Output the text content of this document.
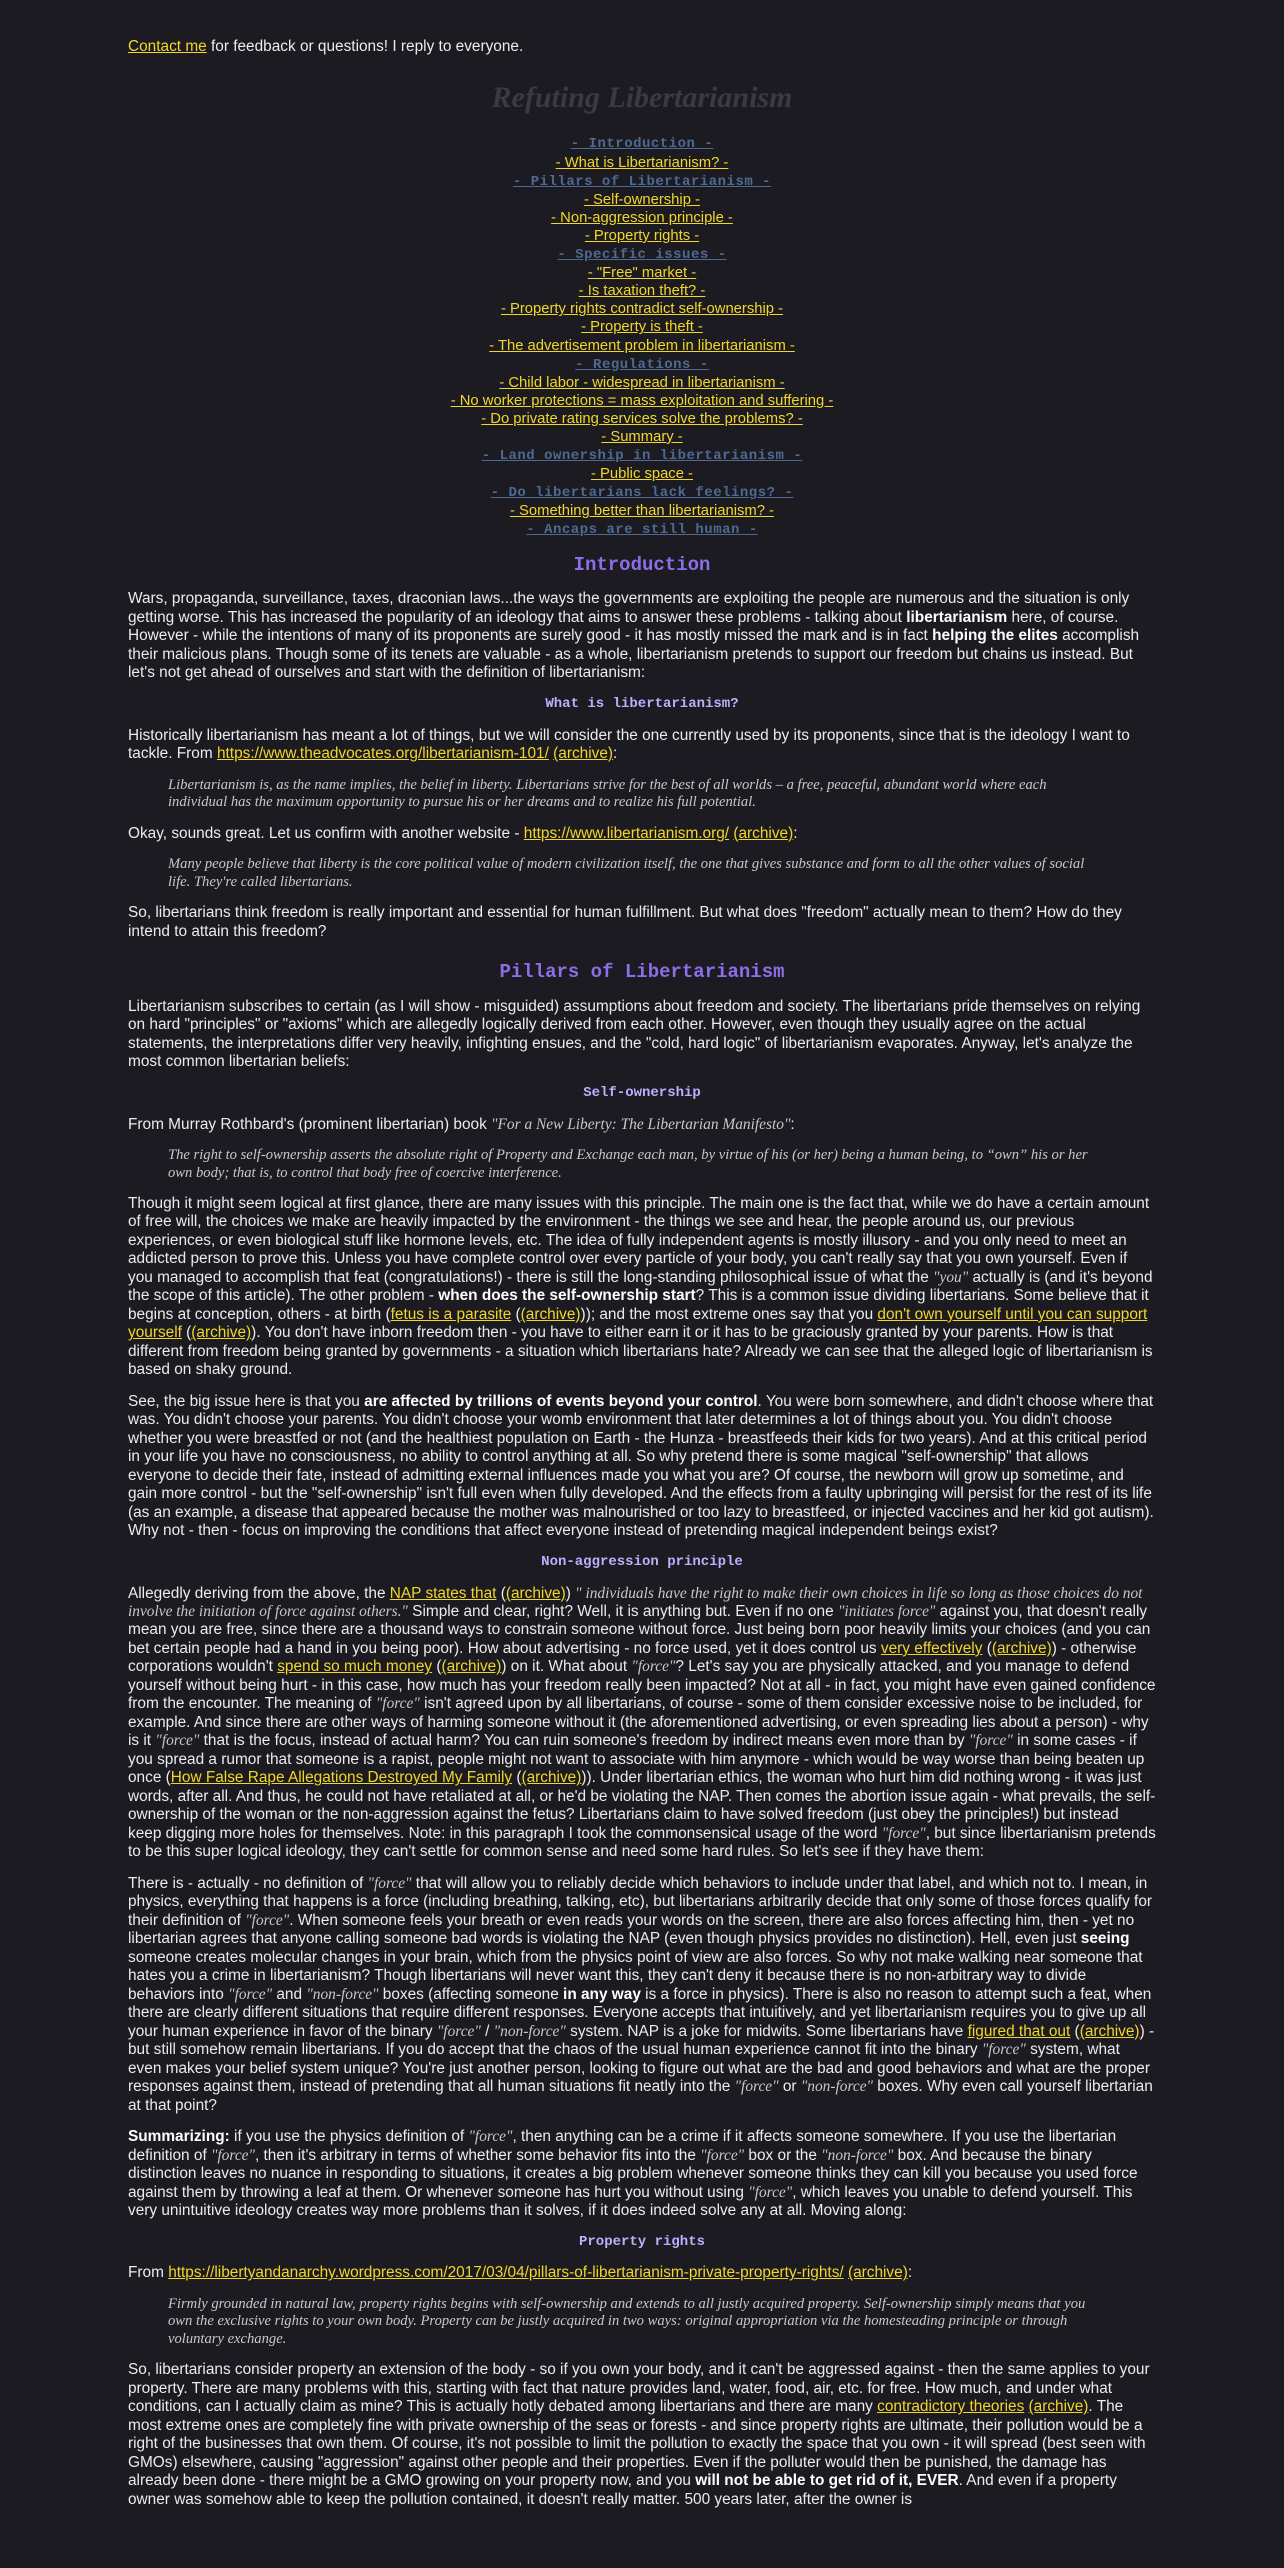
Contact me for feedback or questions! I reply to everyone.

Refuting Libertarianism
- Introduction -
- What is Libertarianism? -
- Pillars of Libertarianism -
- Self-ownership -
- Non-aggression principle -
- Property rights -
- Specific issues -
- "Free" market -
- Is taxation theft? -
- Property rights contradict self-ownership -
- Property is theft -
- The advertisement problem in libertarianism -
- Regulations -
- Child labor - widespread in libertarianism -
- No worker protections = mass exploitation and suffering -
- Do private rating services solve the problems? -
- Summary -
- Land ownership in libertarianism -
- Public space -
- Do libertarians lack feelings? -
- Something better than libertarianism? -
- Ancaps are still human -
Introduction

Wars, propaganda, surveillance, taxes, draconian laws...the ways the governments are exploiting the people are numerous and the situation is only getting worse. This has increased the popularity of an ideology that aims to answer these problems - talking about libertarianism here, of course. However - while the intentions of many of its proponents are surely good - it has mostly missed the mark and is in fact helping the elites accomplish their malicious plans. Though some of its tenets are valuable - as a whole, libertarianism pretends to support our freedom but chains us instead. But let's not get ahead of ourselves and start with the definition of libertarianism:

What is libertarianism?

Historically libertarianism has meant a lot of things, but we will consider the one currently used by its proponents, since that is the ideology I want to tackle. From https://www.theadvocates.org/libertarianism-101/ (archive):

Libertarianism is, as the name implies, the belief in liberty. Libertarians strive for the best of all worlds – a free, peaceful, abundant world where each individual has the maximum opportunity to pursue his or her dreams and to realize his full potential.

Okay, sounds great. Let us confirm with another website - https://www.libertarianism.org/ (archive):

Many people believe that liberty is the core political value of modern civilization itself, the one that gives substance and form to all the other values of social life. They're called libertarians.

So, libertarians think freedom is really important and essential for human fulfillment. But what does "freedom" actually mean to them? How do they intend to attain this freedom?

Pillars of Libertarianism

Libertarianism subscribes to certain (as I will show - misguided) assumptions about freedom and society. The libertarians pride themselves on relying on hard "principles" or "axioms" which are allegedly logically derived from each other. However, even though they usually agree on the actual statements, the interpretations differ very heavily, infighting ensues, and the "cold, hard logic" of libertarianism evaporates. Anyway, let's analyze the most common libertarian beliefs:

Self-ownership

From Murray Rothbard's (prominent libertarian) book "For a New Liberty: The Libertarian Manifesto":

The right to self-ownership asserts the absolute right of Property and Exchange each man, by virtue of his (or her) being a human being, to “own” his or her own body; that is, to control that body free of coercive interference.

Though it might seem logical at first glance, there are many issues with this principle. The main one is the fact that, while we do have a certain amount of free will, the choices we make are heavily impacted by the environment - the things we see and hear, the people around us, our previous experiences, or even biological stuff like hormone levels, etc. The idea of fully independent agents is mostly illusory - and you only need to meet an addicted person to prove this. Unless you have complete control over every particle of your body, you can't really say that you own yourself. Even if you managed to accomplish that feat (congratulations!) - there is still the long-standing philosophical issue of what the "you" actually is (and it's beyond the scope of this article). The other problem - when does the self-ownership start? This is a common issue dividing libertarians. Some believe that it begins at conception, others - at birth (fetus is a parasite ((archive))); and the most extreme ones say that you don't own yourself until you can support yourself ((archive)). You don't have inborn freedom then - you have to either earn it or it has to be graciously granted by your parents. How is that different from freedom being granted by governments - a situation which libertarians hate? Already we can see that the alleged logic of libertarianism is based on shaky ground.

See, the big issue here is that you are affected by trillions of events beyond your control. You were born somewhere, and didn't choose where that was. You didn't choose your parents. You didn't choose your womb environment that later determines a lot of things about you. You didn't choose whether you were breastfed or not (and the healthiest population on Earth - the Hunza - breastfeeds their kids for two years). And at this critical period in your life you have no consciousness, no ability to control anything at all. So why pretend there is some magical "self-ownership" that allows everyone to decide their fate, instead of admitting external influences made you what you are? Of course, the newborn will grow up sometime, and gain more control - but the "self-ownership" isn't full even when fully developed. And the effects from a faulty upbringing will persist for the rest of its life (as an example, a disease that appeared because the mother was malnourished or too lazy to breastfeed, or injected vaccines and her kid got autism). Why not - then - focus on improving the conditions that affect everyone instead of pretending magical independent beings exist?

Non-aggression principle

Allegedly deriving from the above, the NAP states that ((archive)) " individuals have the right to make their own choices in life so long as those choices do not involve the initiation of force against others." Simple and clear, right? Well, it is anything but. Even if no one "initiates force" against you, that doesn't really mean you are free, since there are a thousand ways to constrain someone without force. Just being born poor heavily limits your choices (and you can bet certain people had a hand in you being poor). How about advertising - no force used, yet it does control us very effectively ((archive)) - otherwise corporations wouldn't spend so much money ((archive)) on it. What about "force"? Let's say you are physically attacked, and you manage to defend yourself without being hurt - in this case, how much has your freedom really been impacted? Not at all - in fact, you might have even gained confidence from the encounter. The meaning of "force" isn't agreed upon by all libertarians, of course - some of them consider excessive noise to be included, for example. And since there are other ways of harming someone without it (the aforementioned advertising, or even spreading lies about a person) - why is it "force" that is the focus, instead of actual harm? You can ruin someone's freedom by indirect means even more than by "force" in some cases - if you spread a rumor that someone is a rapist, people might not want to associate with him anymore - which would be way worse than being beaten up once (How False Rape Allegations Destroyed My Family ((archive))). Under libertarian ethics, the woman who hurt him did nothing wrong - it was just words, after all. And thus, he could not have retaliated at all, or he'd be violating the NAP. Then comes the abortion issue again - what prevails, the self-ownership of the woman or the non-aggression against the fetus? Libertarians claim to have solved freedom (just obey the principles!) but instead keep digging more holes for themselves. Note: in this paragraph I took the commonsensical usage of the word "force", but since libertarianism pretends to be this super logical ideology, they can't settle for common sense and need some hard rules. So let's see if they have them:

There is - actually - no definition of "force" that will allow you to reliably decide which behaviors to include under that label, and which not to. I mean, in physics, everything that happens is a force (including breathing, talking, etc), but libertarians arbitrarily decide that only some of those forces qualify for their definition of "force". When someone feels your breath or even reads your words on the screen, there are also forces affecting him, then - yet no libertarian agrees that anyone calling someone bad words is violating the NAP (even though physics provides no distinction). Hell, even just seeing someone creates molecular changes in your brain, which from the physics point of view are also forces. So why not make walking near someone that hates you a crime in libertarianism? Though libertarians will never want this, they can't deny it because there is no non-arbitrary way to divide behaviors into "force" and "non-force" boxes (affecting someone in any way is a force in physics). There is also no reason to attempt such a feat, when there are clearly different situations that require different responses. Everyone accepts that intuitively, and yet libertarianism requires you to give up all your human experience in favor of the binary "force" / "non-force" system. NAP is a joke for midwits. Some libertarians have figured that out ((archive)) - but still somehow remain libertarians. If you do accept that the chaos of the usual human experience cannot fit into the binary "force" system, what even makes your belief system unique? You're just another person, looking to figure out what are the bad and good behaviors and what are the proper responses against them, instead of pretending that all human situations fit neatly into the "force" or "non-force" boxes. Why even call yourself libertarian at that point?

Summarizing: if you use the physics definition of "force", then anything can be a crime if it affects someone somewhere. If you use the libertarian definition of "force", then it's arbitrary in terms of whether some behavior fits into the "force" box or the "non-force" box. And because the binary distinction leaves no nuance in responding to situations, it creates a big problem whenever someone thinks they can kill you because you used force against them by throwing a leaf at them. Or whenever someone has hurt you without using "force", which leaves you unable to defend yourself. This very unintuitive ideology creates way more problems than it solves, if it does indeed solve any at all. Moving along:

Property rights

From https://libertyandanarchy.wordpress.com/2017/03/04/pillars-of-libertarianism-private-property-rights/ (archive):

Firmly grounded in natural law, property rights begins with self-ownership and extends to all justly acquired property. Self-ownership simply means that you own the exclusive rights to your own body. Property can be justly acquired in two ways: original appropriation via the homesteading principle or through voluntary exchange.

So, libertarians consider property an extension of the body - so if you own your body, and it can't be aggressed against - then the same applies to your property. There are many problems with this, starting with fact that nature provides land, water, food, air, etc. for free. How much, and under what conditions, can I actually claim as mine? This is actually hotly debated among libertarians and there are many contradictory theories (archive). The most extreme ones are completely fine with private ownership of the seas or forests - and since property rights are ultimate, their pollution would be a right of the businesses that own them. Of course, it's not possible to limit the pollution to exactly the space that you own - it will spread (best seen with GMOs) elsewhere, causing "aggression" against other people and their properties. Even if the polluter would then be punished, the damage has already been done - there might be a GMO growing on your property now, and you will not be able to get rid of it, EVER. And even if a property owner was somehow able to keep the pollution contained, it doesn't really matter. 500 years later, after the owner is
